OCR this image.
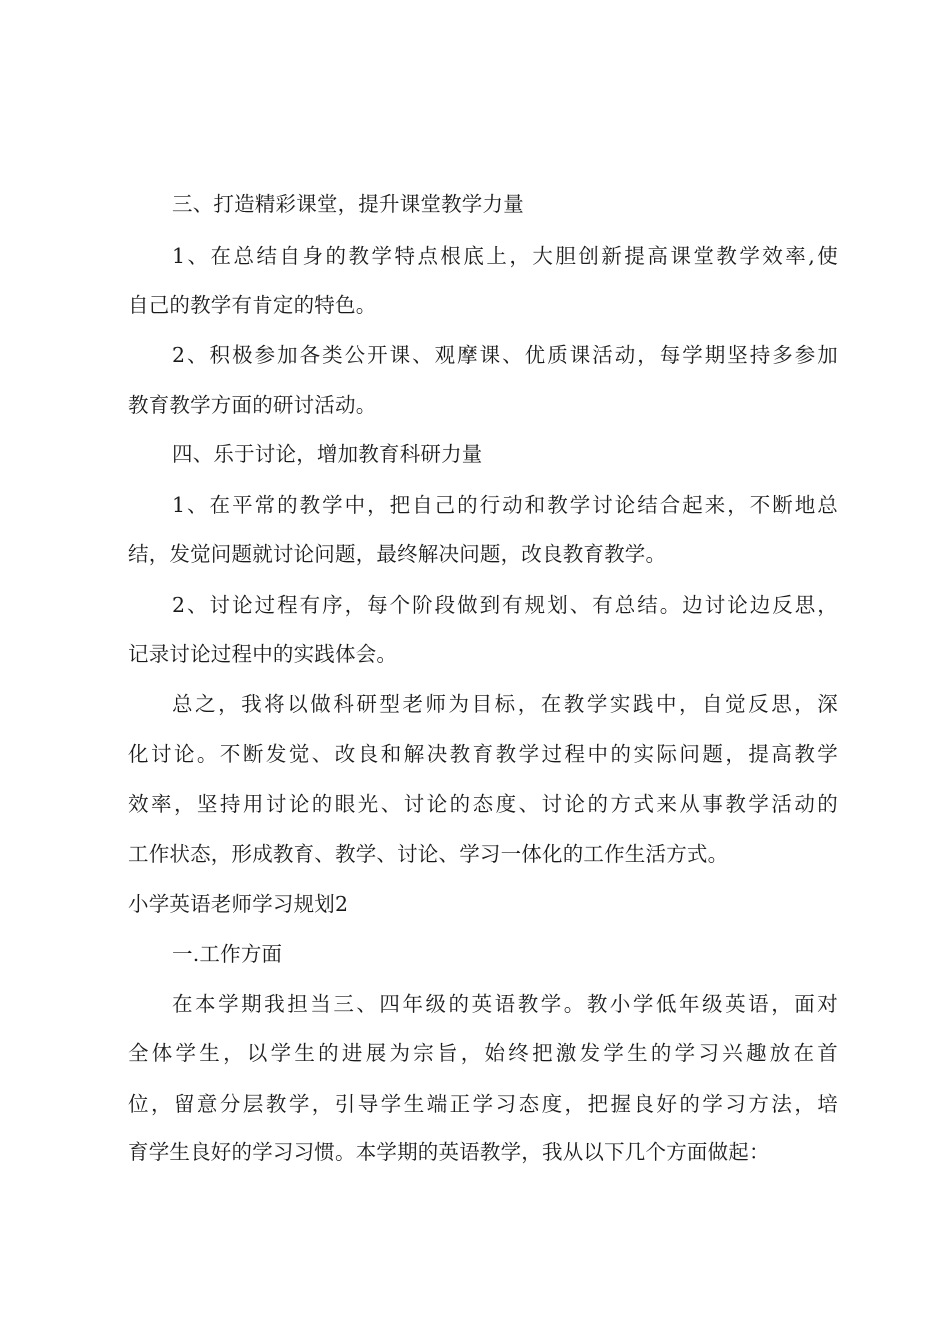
三、打造精彩课堂，提升课堂教学力量
1、在总结自身的教学特点根底上，大胆创新提高课堂教学效率,使
自己的教学有肯定的特色。
2、积极参加各类公开课、观摩课、优质课活动，每学期坚持多参加
教育教学方面的研讨活动。
四、乐于讨论，增加教育科研力量
1、在平常的教学中，把自己的行动和教学讨论结合起来，不断地总
结，发觉问题就讨论问题，最终解决问题，改良教育教学。
2、讨论过程有序，每个阶段做到有规划、有总结。边讨论边反思，
记录讨论过程中的实践体会。
总之，我将以做科研型老师为目标，在教学实践中，自觉反思，深
化讨论。不断发觉、改良和解决教育教学过程中的实际问题，提高教学
效率，坚持用讨论的眼光、讨论的态度、讨论的方式来从事教学活动的
工作状态，形成教育、教学、讨论、学习一体化的工作生活方式。
小学英语老师学习规划2
一.工作方面
在本学期我担当三、四年级的英语教学。教小学低年级英语，面对
全体学生，以学生的进展为宗旨，始终把激发学生的学习兴趣放在首
位，留意分层教学，引导学生端正学习态度，把握良好的学习方法，培
育学生良好的学习习惯。本学期的英语教学，我从以下几个方面做起：
